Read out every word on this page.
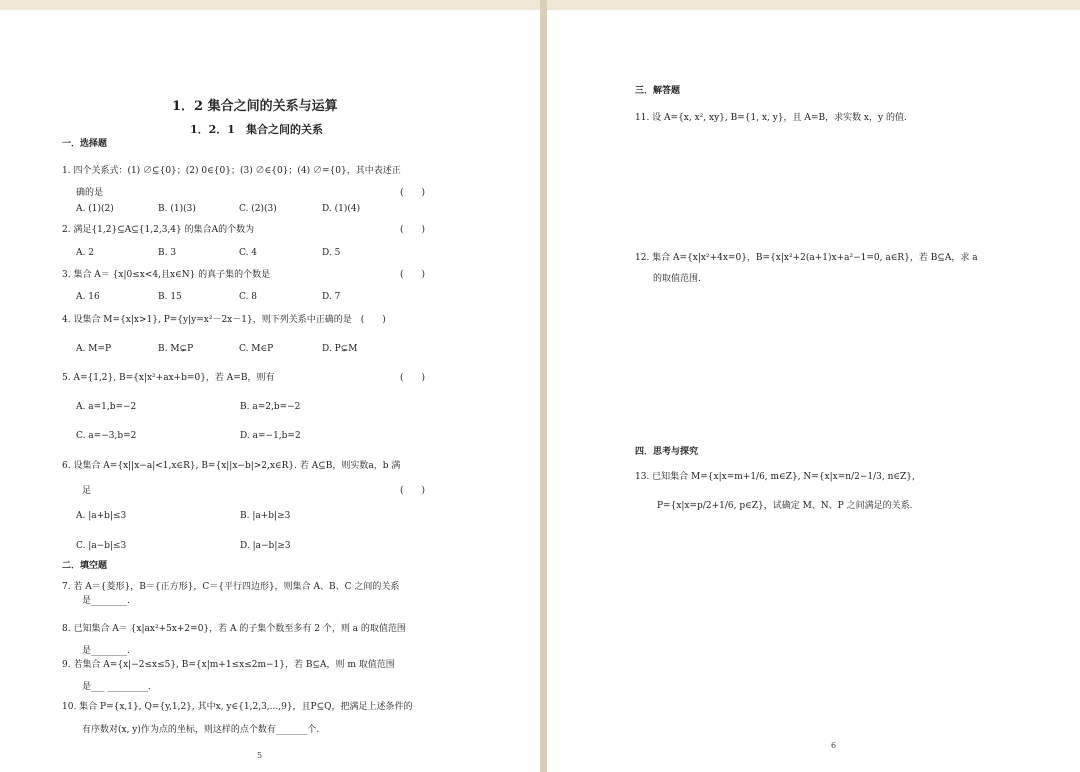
1．2 集合之间的关系与运算
1．2．1　集合之间的关系
一．选择题
1. 四个关系式：(1) ∅⊆{0}；(2) 0∈{0}；(3) ∅∈{0}；(4) ∅={0}，其中表述正
确的是	(　　)
A. (1)(2)	B. (1)(3)	C. (2)(3)	D. (1)(4)
2. 满足{1,2}⊆A⊆{1,2,3,4} 的集合A的个数为	(　　)
A. 2	B. 3	C. 4	D. 5
3. 集合 A＝ {x|0≤x<4,且x∈N} 的真子集的个数是	(　　)
A. 16	B. 15	C. 8	D. 7
4. 设集合 M={x|x>1}, P={y|y=x²－2x－1}，则下列关系中正确的是　(　　)
A. M=P	B. M⊊P	C. M∈P	D. P⊊M
5. A={1,2}, B={x|x²+ax+b=0}，若 A=B，则有	(　　)
A. a=1,b=−2	B. a=2,b=−2
C. a=−3,b=2	D. a=−1,b=2
6. 设集合 A={x||x−a|<1,x∈R}, B={x||x−b|>2,x∈R}. 若 A⊆B，则实数a，b 满
足	(　　)
A. |a+b|≤3	B. |a+b|≥3
C. |a−b|≤3	D. |a−b|≥3
二．填空题
7. 若 A＝{菱形}，B＝{正方形}，C＝{平行四边形}，则集合 A、B、C 之间的关系
是________.
8. 已知集合 A＝ {x|ax²+5x+2=0}，若 A 的子集个数至多有 2 个，则 a 的取值范围
是________.
9. 若集合 A={x|−2≤x≤5}, B={x|m+1≤x≤2m−1}，若 B⊆A，则 m 取值范围
是___ _________.
10. 集合 P={x,1}, Q={y,1,2}, 其中x, y∈{1,2,3,...,9}，且P⊆Q，把满足上述条件的
有序数对(x, y)作为点的坐标，则这样的点个数有_______个.
5
三．解答题
11. 设 A={x, x², xy}, B={1, x, y}，且 A=B，求实数 x，y 的值.
12. 集合 A={x|x²+4x=0}，B={x|x²+2(a+1)x+a²−1=0, a∈R}，若 B⊆A，求 a
的取值范围.
四．思考与探究
13. 已知集合 M={x|x=m+1/6, m∈Z}, N={x|x=n/2−1/3, n∈Z},
P={x|x=p/2+1/6, p∈Z}，试确定 M、N、P 之间满足的关系.
6
